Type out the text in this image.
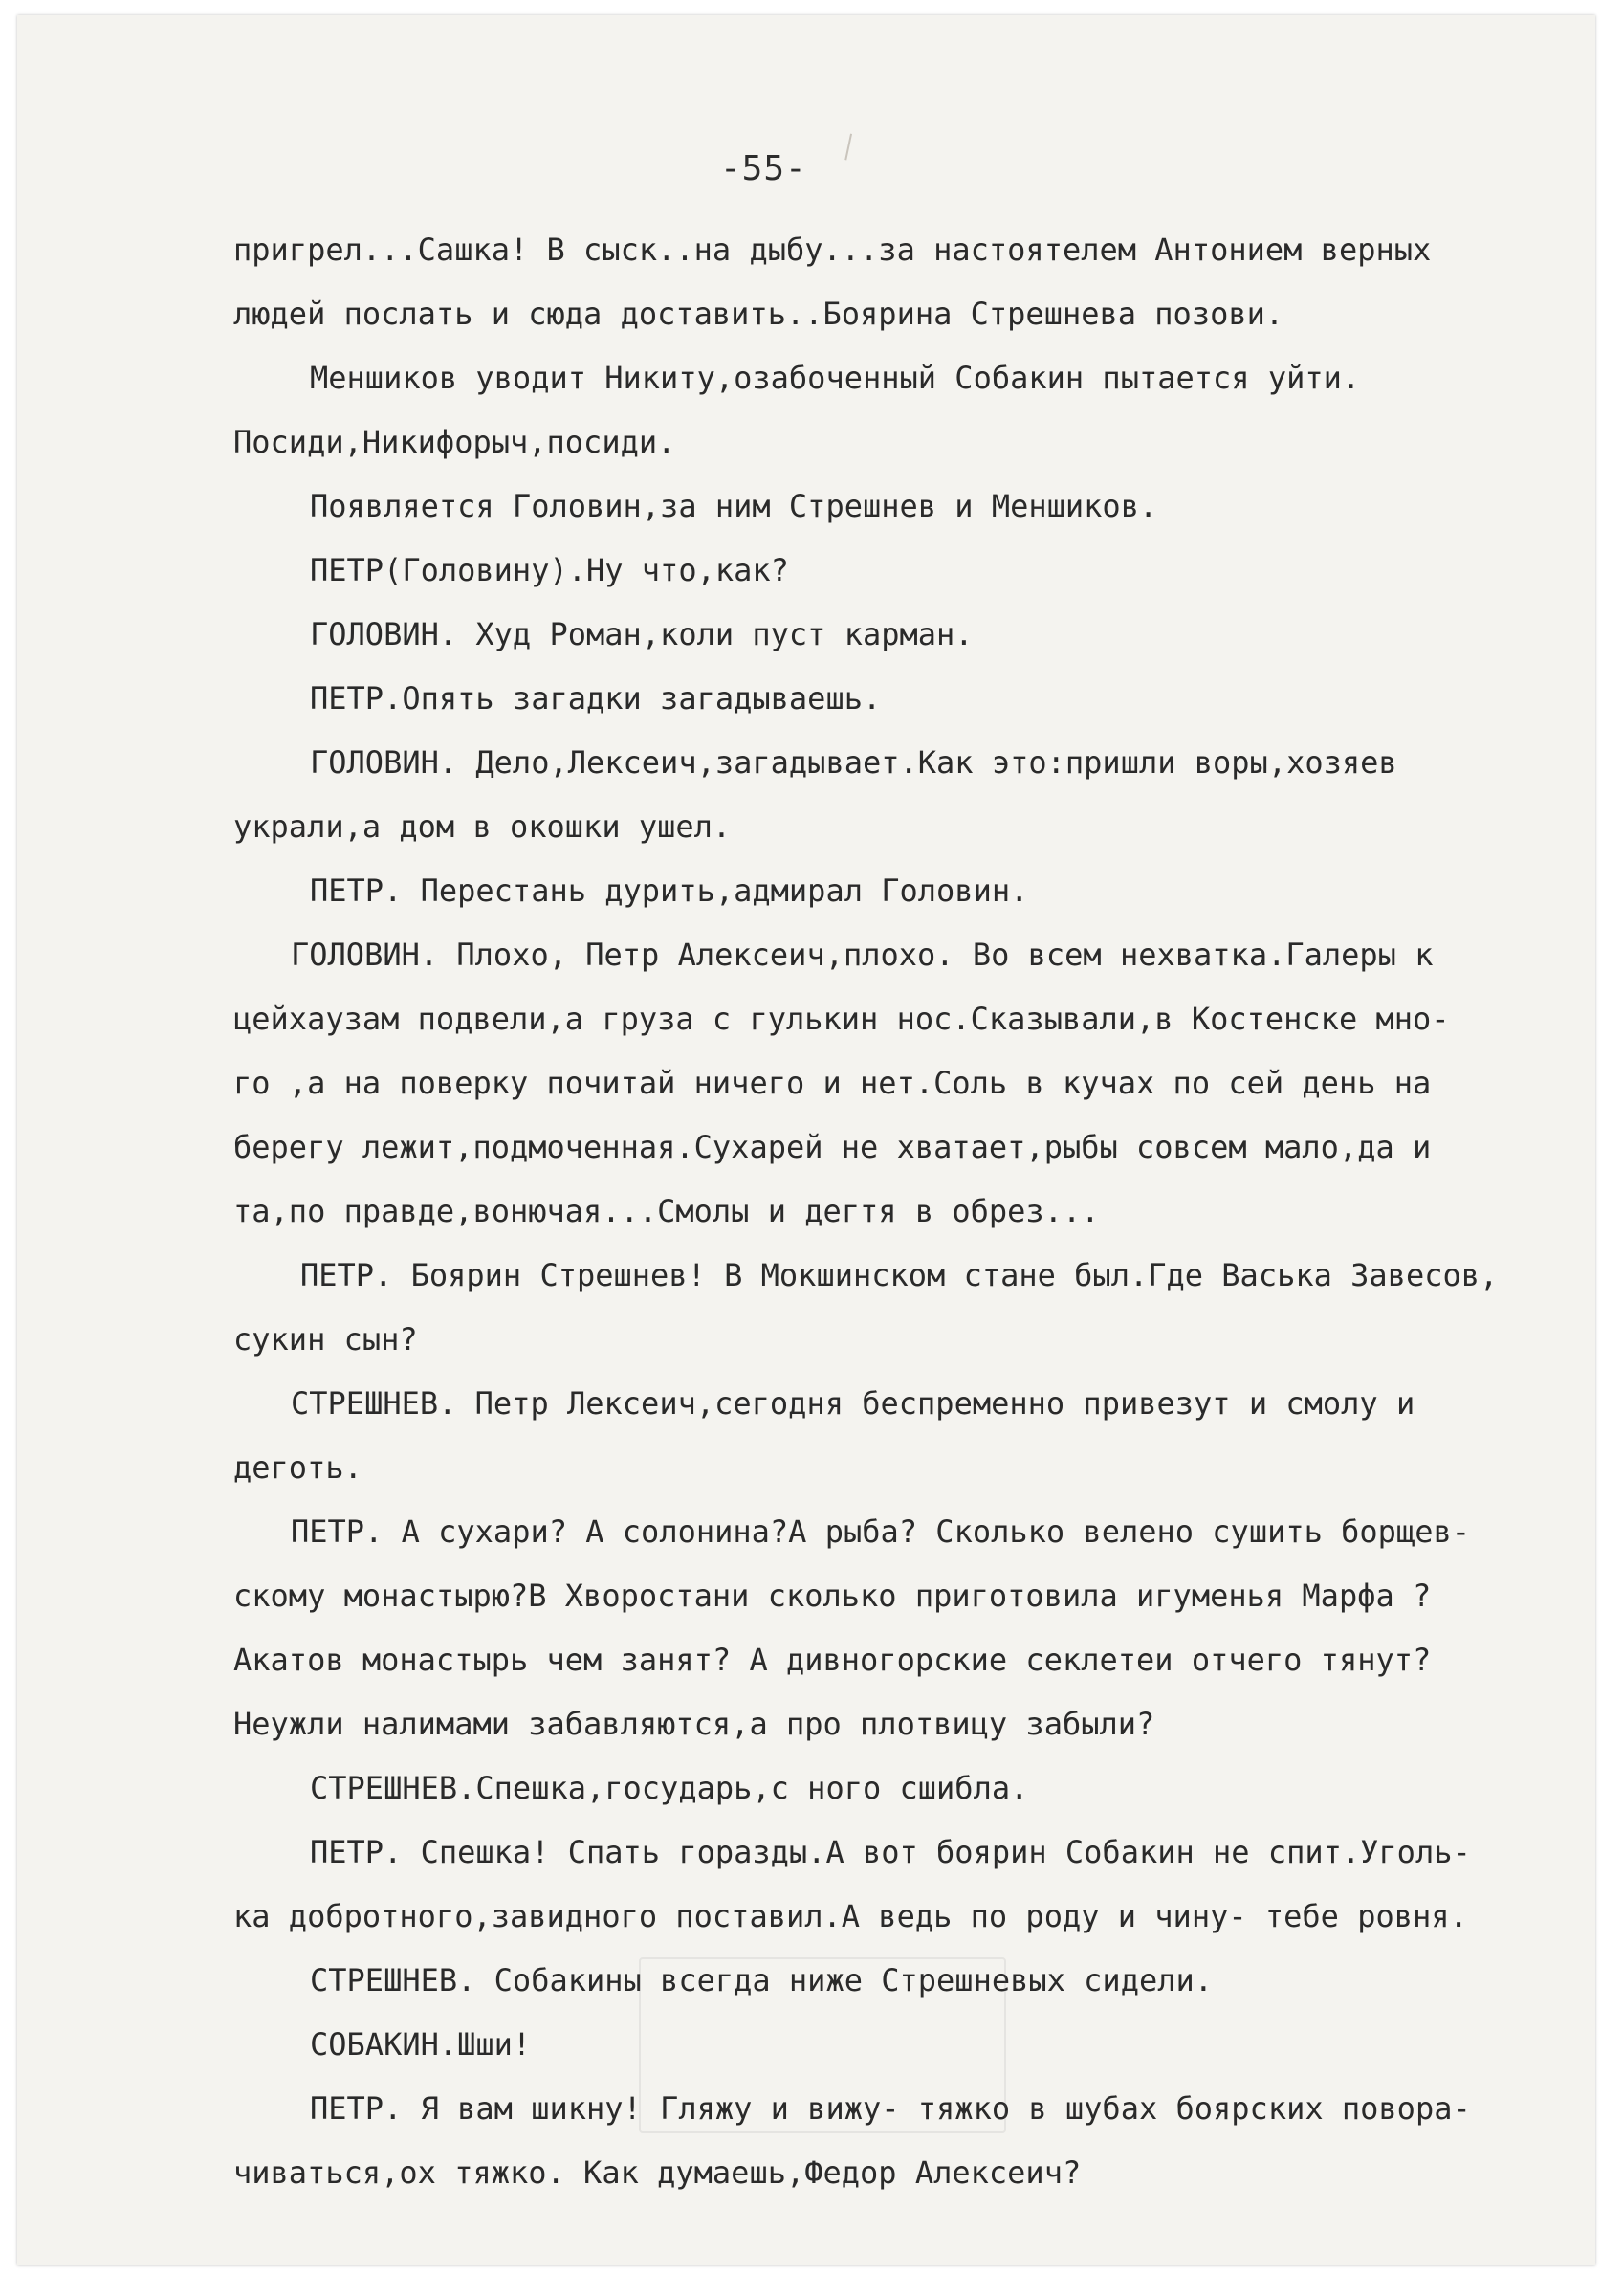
-55-
пригрел...Сашка! В сыск..на дыбу...за настоятелем Антонием верных
людей послать и сюда доставить..Боярина Стрешнева позови.
Меншиков уводит Никиту,озабоченный Собакин пытается уйти.
Посиди,Никифорыч,посиди.
Появляется Головин,за ним Стрешнев и Меншиков.
ПЕТР(Головину).Ну что,как?
ГОЛОВИН. Худ Роман,коли пуст карман.
ПЕТР.Опять загадки загадываешь.
ГОЛОВИН. Дело,Лексеич,загадывает.Как это:пришли воры,хозяев
украли,а дом в окошки ушел.
ПЕТР. Перестань дурить,адмирал Головин.
ГОЛОВИН. Плохо, Петр Алексеич,плохо. Во всем нехватка.Галеры к
цейхаузам подвели,а груза с гулькин нос.Сказывали,в Костенске мно-
го ,а на поверку почитай ничего и нет.Соль в кучах по сей день на
берегу лежит,подмоченная.Сухарей не хватает,рыбы совсем мало,да и
та,по правде,вонючая...Смолы и дегтя в обрез...
ПЕТР. Боярин Стрешнев! В Мокшинском стане был.Где Васька Завесов,
сукин сын?
СТРЕШНЕВ. Петр Лексеич,сегодня беспременно привезут и смолу и
деготь.
ПЕТР. А сухари? А солонина?А рыба? Сколько велено сушить борщев-
скому монастырю?В Хворостани сколько приготовила игуменья Марфа ?
Акатов монастырь чем занят? А дивногорские секлетеи отчего тянут?
Неужли налимами забавляются,а про плотвицу забыли?
СТРЕШНЕВ.Спешка,государь,с ного сшибла.
ПЕТР. Спешка! Спать горазды.А вот боярин Собакин не спит.Уголь-
ка добротного,завидного поставил.А ведь по роду и чину- тебе ровня.
СТРЕШНЕВ. Собакины всегда ниже Стрешневых сидели.
СОБАКИН.Шши!
ПЕТР. Я вам шикну! Гляжу и вижу- тяжко в шубах боярских повора-
чиваться,ох тяжко. Как думаешь,Федор Алексеич?
